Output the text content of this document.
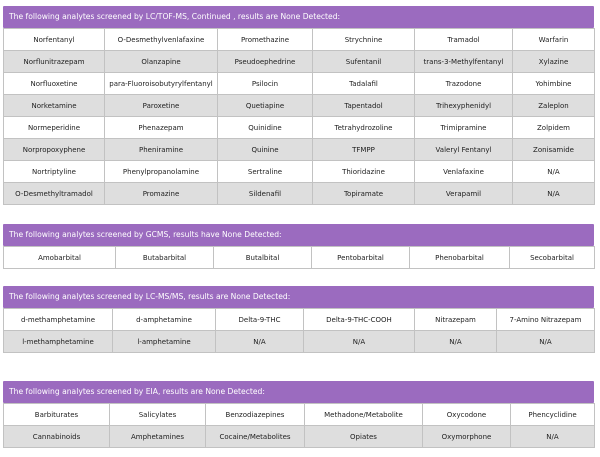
The following analytes screened by LC/TOF-MS, Continued , results are None Detected:
Norfentanyl	O-Desmethylvenlafaxine	Promethazine	Strychnine	Tramadol	Warfarin
Norflunitrazepam	Olanzapine	Pseudoephedrine	Sufentanil	trans-3-Methylfentanyl	Xylazine
Norfluoxetine	para-Fluoroisobutyrylfentanyl	Psilocin	Tadalafil	Trazodone	Yohimbine
Norketamine	Paroxetine	Quetiapine	Tapentadol	Trihexyphenidyl	Zaleplon
Normeperidine	Phenazepam	Quinidine	Tetrahydrozoline	Trimipramine	Zolpidem
Norpropoxyphene	Pheniramine	Quinine	TFMPP	Valeryl Fentanyl	Zonisamide
Nortriptyline	Phenylpropanolamine	Sertraline	Thioridazine	Venlafaxine	N/A
O-Desmethyltramadol	Promazine	Sildenafil	Topiramate	Verapamil	N/A
The following analytes screened by GCMS, results have None Detected:
Amobarbital	Butabarbital	Butalbital	Pentobarbital	Phenobarbital	Secobarbital
The following analytes screened by LC-MS/MS, results are None Detected:
d-methamphetamine	d-amphetamine	Delta-9-THC	Delta-9-THC-COOH	Nitrazepam	7-Amino Nitrazepam
l-methamphetamine	l-amphetamine	N/A	N/A	N/A	N/A
The following analytes screened by EIA, results are None Detected:
Barbiturates	Salicylates	Benzodiazepines	Methadone/Metabolite	Oxycodone	Phencyclidine
Cannabinoids	Amphetamines	Cocaine/Metabolites	Opiates	Oxymorphone	N/A
